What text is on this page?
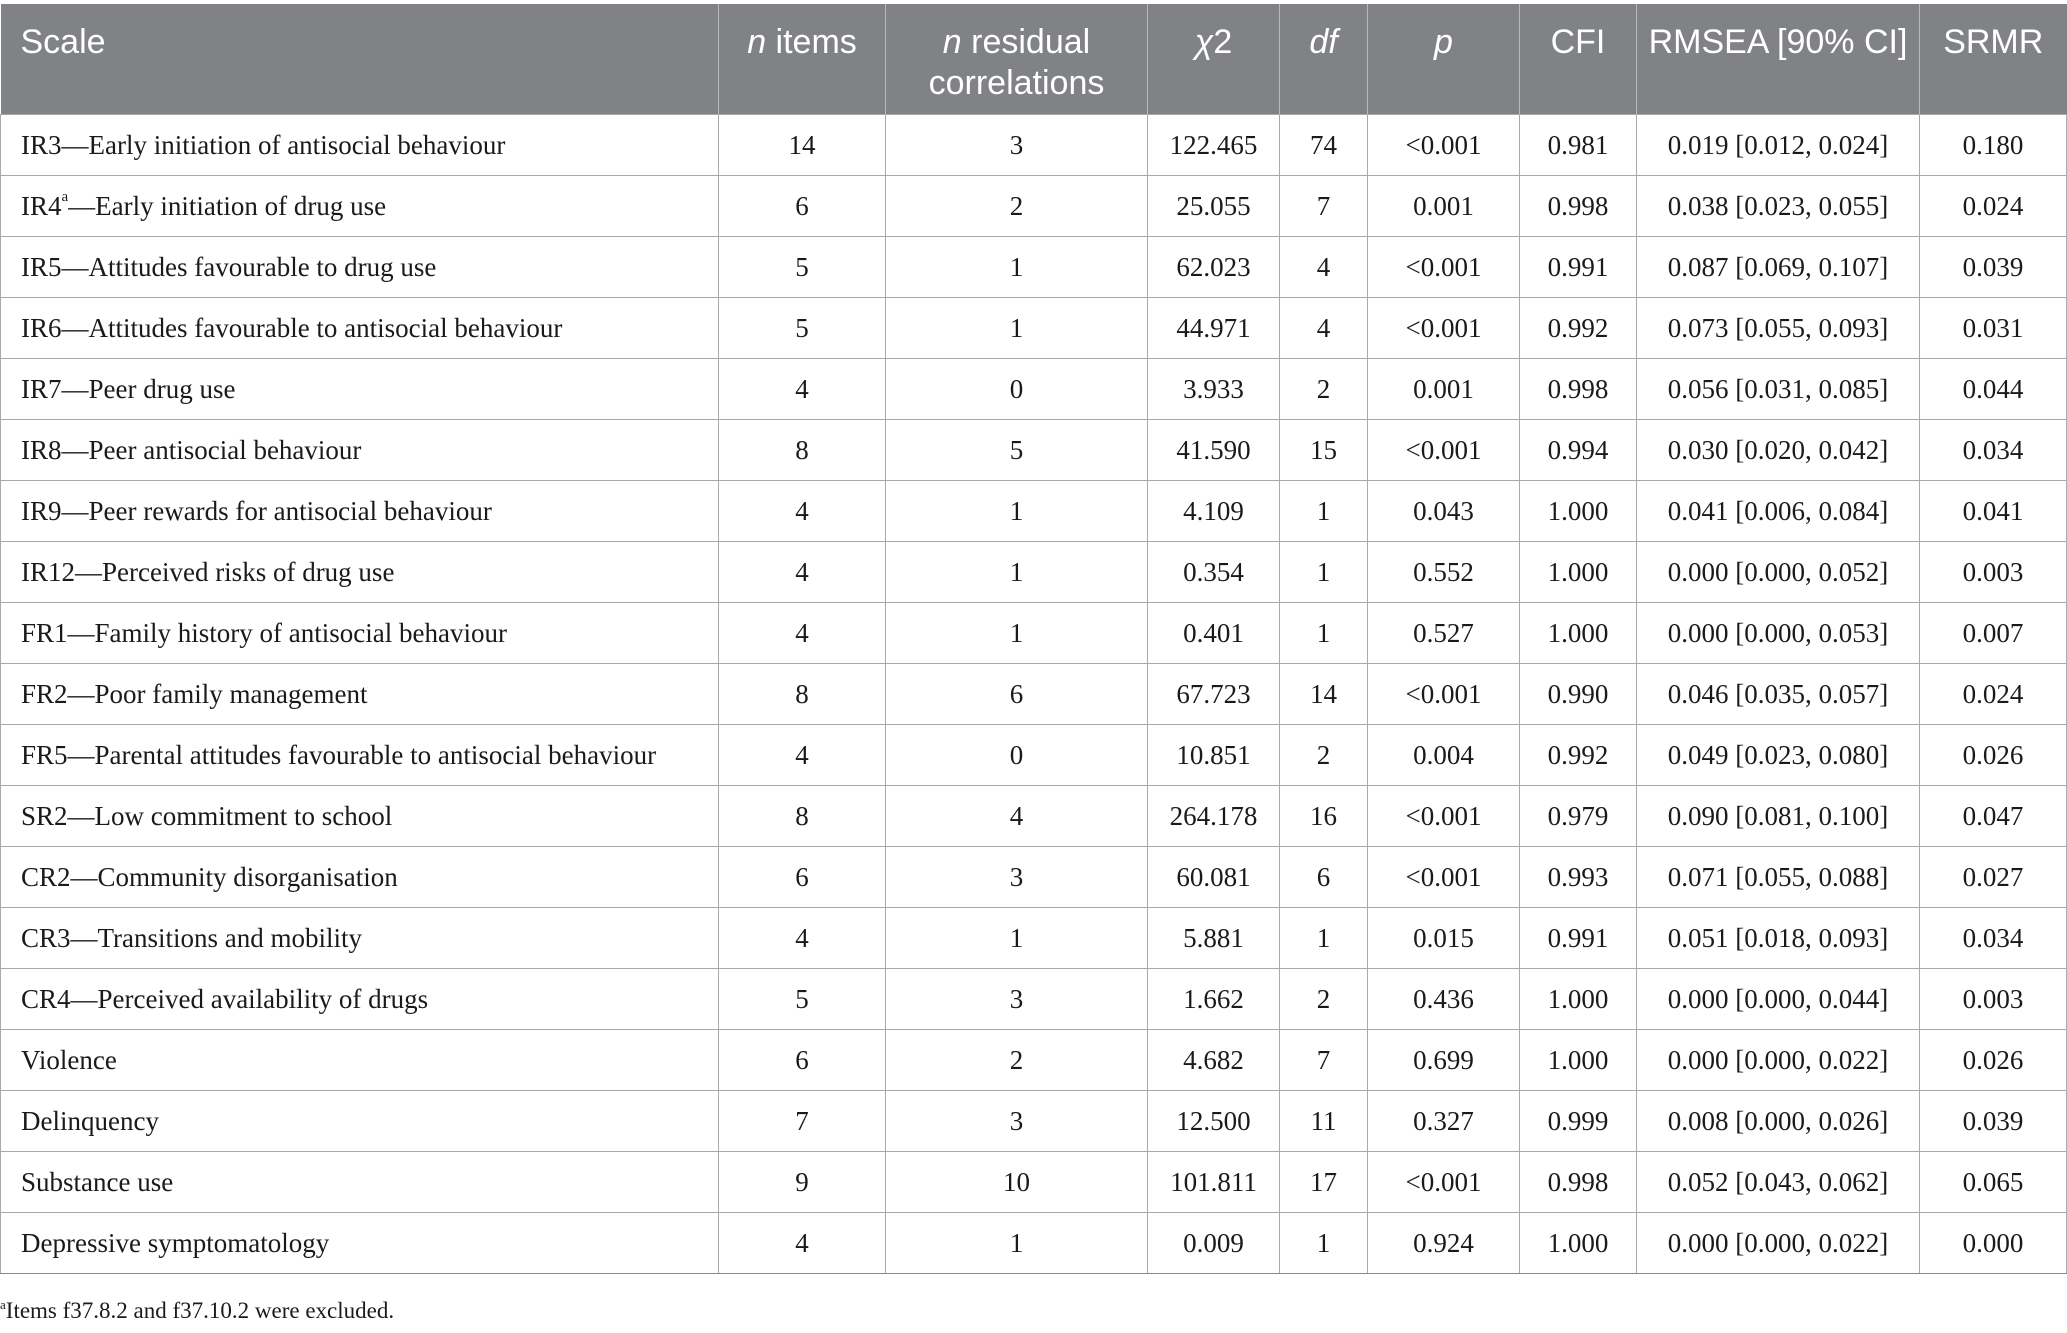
Scale	n items	n residual correlations	χ2	df	p	CFI	RMSEA [90% CI]	SRMR
IR3—Early initiation of antisocial behaviour	14	3	122.465	74	<0.001	0.981	0.019 [0.012, 0.024]	0.180
IR4$^a$—Early initiation of drug use	6	2	25.055	7	0.001	0.998	0.038 [0.023, 0.055]	0.024
IR5—Attitudes favourable to drug use	5	1	62.023	4	<0.001	0.991	0.087 [0.069, 0.107]	0.039
IR6—Attitudes favourable to antisocial behaviour	5	1	44.971	4	<0.001	0.992	0.073 [0.055, 0.093]	0.031
IR7—Peer drug use	4	0	3.933	2	0.001	0.998	0.056 [0.031, 0.085]	0.044
IR8—Peer antisocial behaviour	8	5	41.590	15	<0.001	0.994	0.030 [0.020, 0.042]	0.034
IR9—Peer rewards for antisocial behaviour	4	1	4.109	1	0.043	1.000	0.041 [0.006, 0.084]	0.041
IR12—Perceived risks of drug use	4	1	0.354	1	0.552	1.000	0.000 [0.000, 0.052]	0.003
FR1—Family history of antisocial behaviour	4	1	0.401	1	0.527	1.000	0.000 [0.000, 0.053]	0.007
FR2—Poor family management	8	6	67.723	14	<0.001	0.990	0.046 [0.035, 0.057]	0.024
FR5—Parental attitudes favourable to antisocial behaviour	4	0	10.851	2	0.004	0.992	0.049 [0.023, 0.080]	0.026
SR2—Low commitment to school	8	4	264.178	16	<0.001	0.979	0.090 [0.081, 0.100]	0.047
CR2—Community disorganisation	6	3	60.081	6	<0.001	0.993	0.071 [0.055, 0.088]	0.027
CR3—Transitions and mobility	4	1	5.881	1	0.015	0.991	0.051 [0.018, 0.093]	0.034
CR4—Perceived availability of drugs	5	3	1.662	2	0.436	1.000	0.000 [0.000, 0.044]	0.003
Violence	6	2	4.682	7	0.699	1.000	0.000 [0.000, 0.022]	0.026
Delinquency	7	3	12.500	11	0.327	0.999	0.008 [0.000, 0.026]	0.039
Substance use	9	10	101.811	17	<0.001	0.998	0.052 [0.043, 0.062]	0.065
Depressive symptomatology	4	1	0.009	1	0.924	1.000	0.000 [0.000, 0.022]	0.000
$^a$Items f37.8.2 and f37.10.2 were excluded.
